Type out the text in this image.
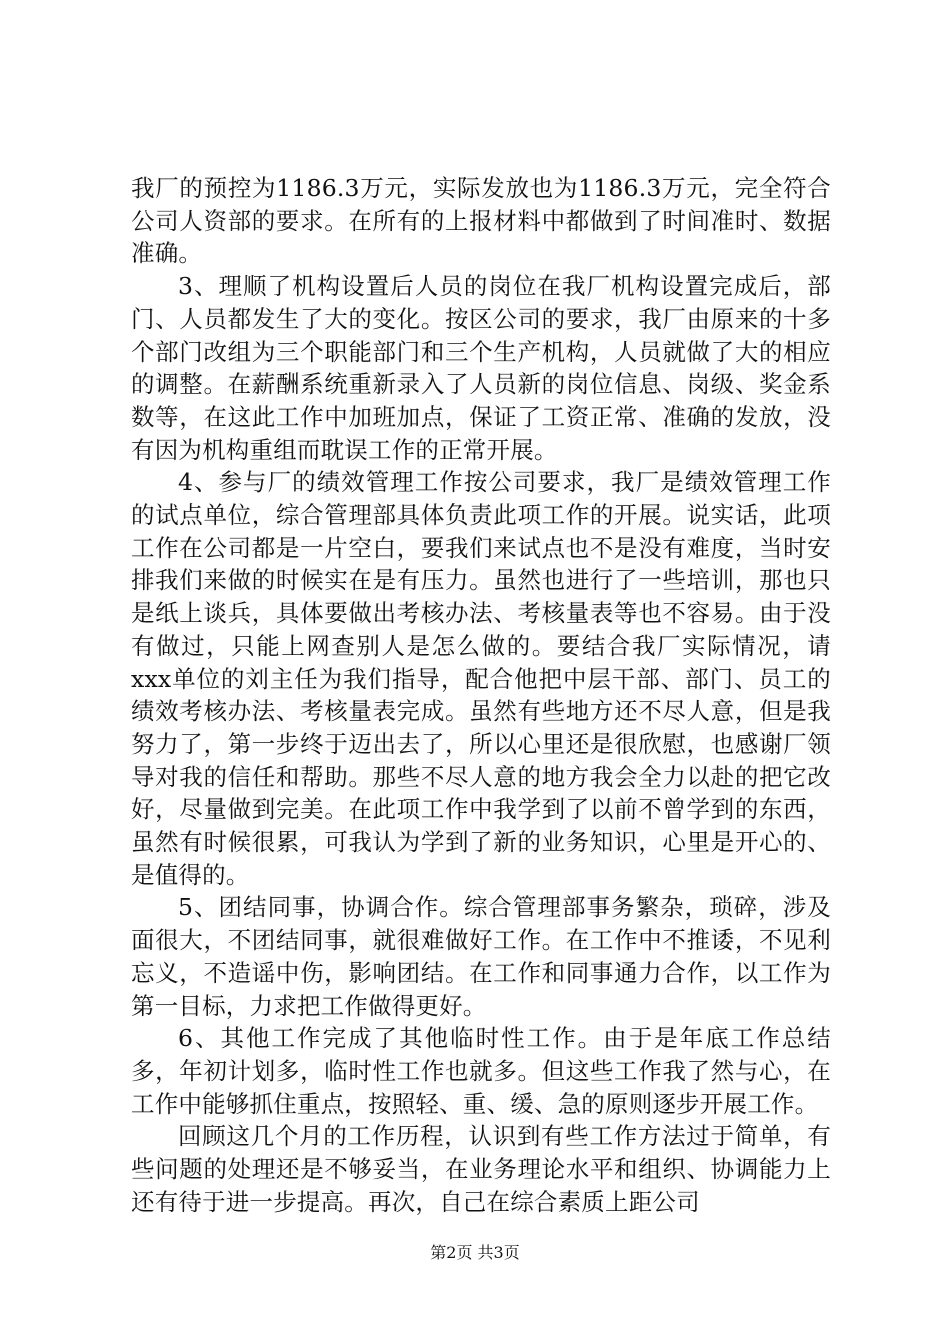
我厂的预控为1186.3万元，实际发放也为1186.3万元，完全符合公司人资部的要求。在所有的上报材料中都做到了时间准时、数据准确。

3、理顺了机构设置后人员的岗位在我厂机构设置完成后，部门、人员都发生了大的变化。按区公司的要求，我厂由原来的十多个部门改组为三个职能部门和三个生产机构，人员就做了大的相应的调整。在薪酬系统重新录入了人员新的岗位信息、岗级、奖金系数等，在这此工作中加班加点，保证了工资正常、准确的发放，没有因为机构重组而耽误工作的正常开展。

4、参与厂的绩效管理工作按公司要求，我厂是绩效管理工作的试点单位，综合管理部具体负责此项工作的开展。说实话，此项工作在公司都是一片空白，要我们来试点也不是没有难度，当时安排我们来做的时候实在是有压力。虽然也进行了一些培训，那也只是纸上谈兵，具体要做出考核办法、考核量表等也不容易。由于没有做过，只能上网查别人是怎么做的。要结合我厂实际情况，请xxx单位的刘主任为我们指导，配合他把中层干部、部门、员工的绩效考核办法、考核量表完成。虽然有些地方还不尽人意，但是我努力了，第一步终于迈出去了，所以心里还是很欣慰，也感谢厂领导对我的信任和帮助。那些不尽人意的地方我会全力以赴的把它改好，尽量做到完美。在此项工作中我学到了以前不曾学到的东西，虽然有时候很累，可我认为学到了新的业务知识，心里是开心的、是值得的。

5、团结同事，协调合作。综合管理部事务繁杂，琐碎，涉及面很大，不团结同事，就很难做好工作。在工作中不推诿，不见利忘义，不造谣中伤，影响团结。在工作和同事通力合作，以工作为第一目标，力求把工作做得更好。

6、其他工作完成了其他临时性工作。由于是年底工作总结多，年初计划多，临时性工作也就多。但这些工作我了然与心，在工作中能够抓住重点，按照轻、重、缓、急的原则逐步开展工作。

回顾这几个月的工作历程，认识到有些工作方法过于简单，有些问题的处理还是不够妥当，在业务理论水平和组织、协调能力上还有待于进一步提高。再次，自己在综合素质上距公司

第2页 共3页
